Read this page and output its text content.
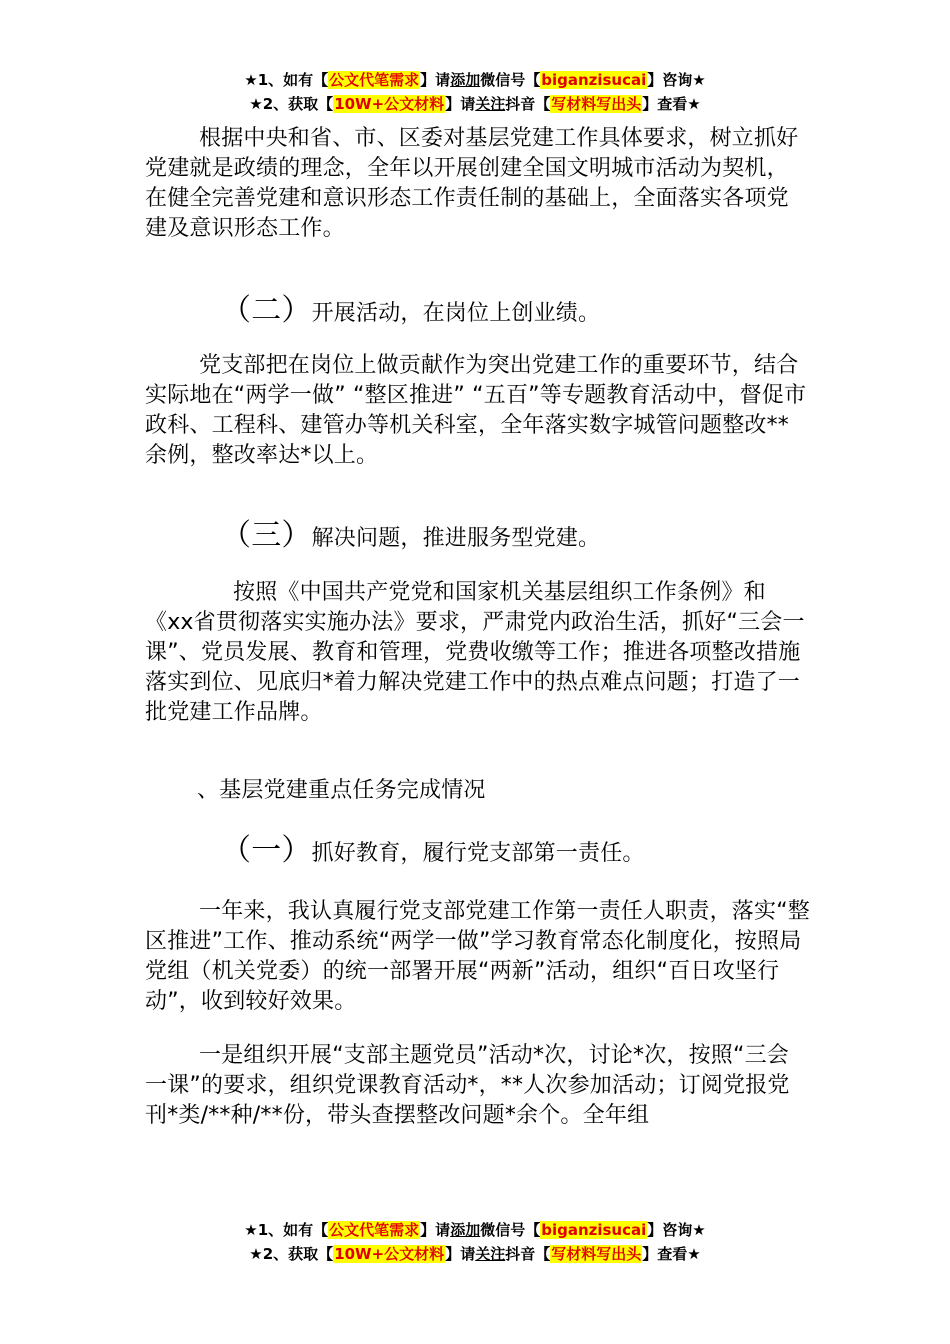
★1、如有【公文代笔需求】请添加微信号【biganzisucai】咨询★
★2、获取【10W+公文材料】请关注抖音【写材料写出头】查看★

根据中央和省、市、区委对基层党建工作具体要求，树立抓好党建就是政绩的理念，全年以开展创建全国文明城市活动为契机，在健全完善党建和意识形态工作责任制的基础上，全面落实各项党建及意识形态工作。

（二）开展活动，在岗位上创业绩。

党支部把在岗位上做贡献作为突出党建工作的重要环节，结合实际地在“两学一做” “整区推进” “五百”等专题教育活动中，督促市政科、工程科、建管办等机关科室，全年落实数字城管问题整改**余例，整改率达*以上。

（三）解决问题，推进服务型党建。

按照《中国共产党党和国家机关基层组织工作条例》和《xx省贯彻落实实施办法》要求，严肃党内政治生活，抓好“三会一课”、党员发展、教育和管理，党费收缴等工作；推进各项整改措施落实到位、见底归*着力解决党建工作中的热点难点问题；打造了一批党建工作品牌。

、基层党建重点任务完成情况

（一）抓好教育，履行党支部第一责任。

一年来，我认真履行党支部党建工作第一责任人职责，落实“整区推进”工作、推动系统“两学一做”学习教育常态化制度化，按照局党组（机关党委）的统一部署开展“两新”活动，组织“百日攻坚行动”，收到较好效果。

一是组织开展“支部主题党员”活动*次，讨论*次，按照“三会一课”的要求，组织党课教育活动*，**人次参加活动；订阅党报党刊*类/**种/**份，带头查摆整改问题*余个。全年组

★1、如有【公文代笔需求】请添加微信号【biganzisucai】咨询★
★2、获取【10W+公文材料】请关注抖音【写材料写出头】查看★
